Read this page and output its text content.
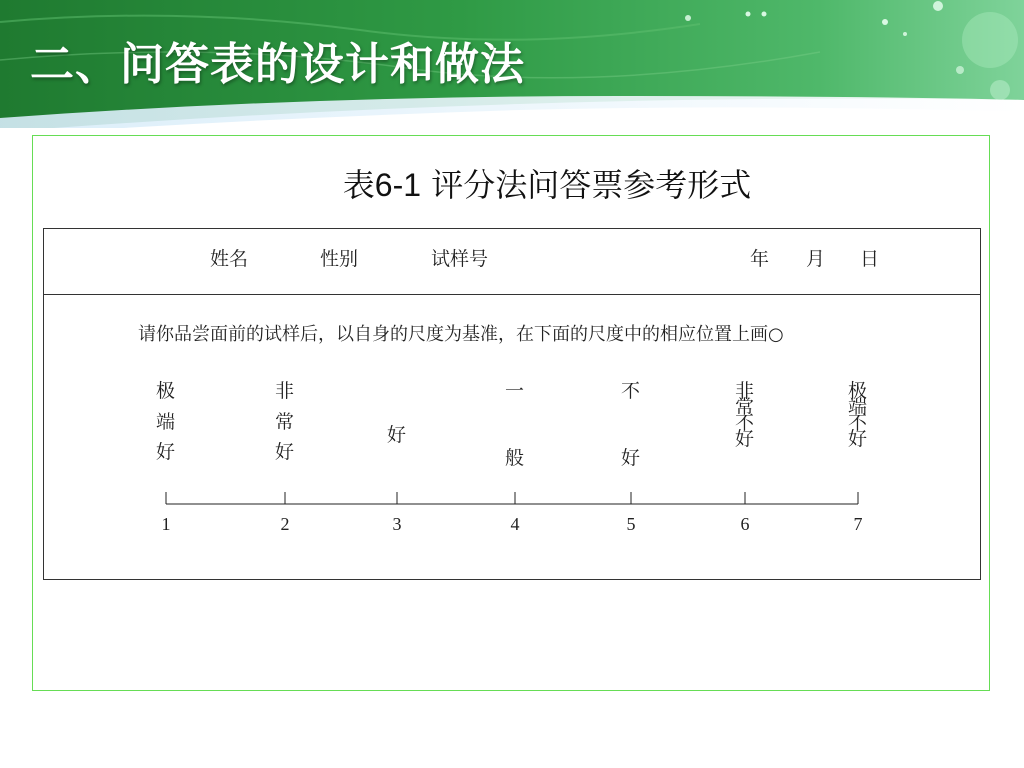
二、问答表的设计和做法
表6-1 评分法问答票参考形式
姓名	性别	试样号	年 月 日
请你品尝面前的试样后，以自身的尺度为基准，在下面的尺度中的相应位置上画○
1
极
端
好
2
非
常
好
3
好
4
一
般
5
不
好
6
非
常
不
好
7
极
端
不
好
